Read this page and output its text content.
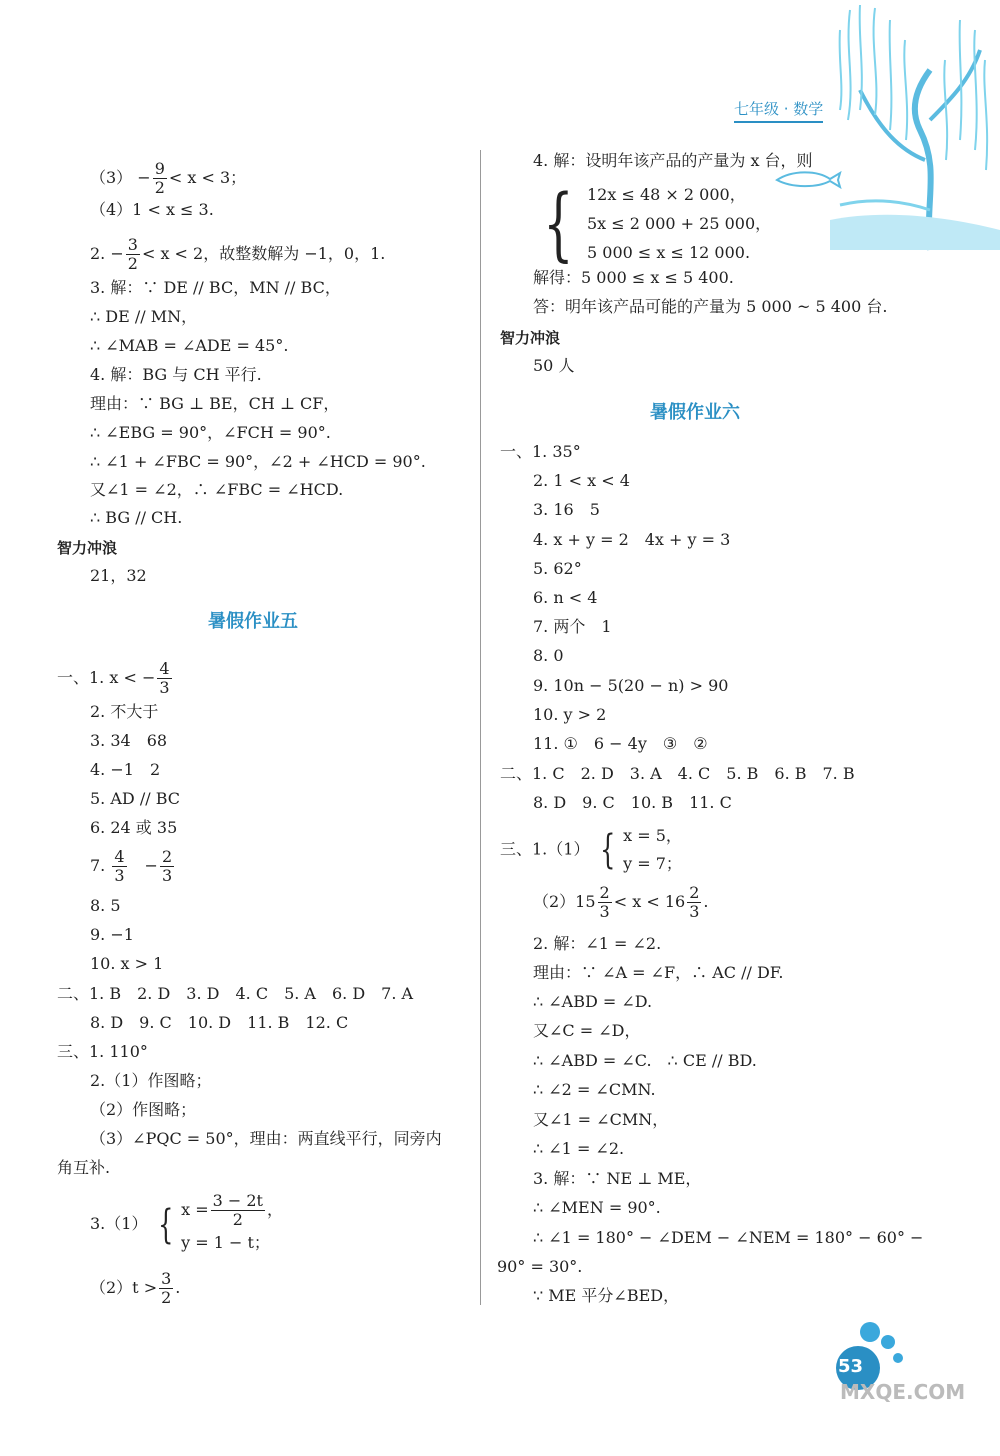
七年级 · 数学
$(3) - \frac{9}{2} < x < 3$；
（4）1 < x ≤ 3.
2. − $\frac{3}{2} < x < 2$，故整数解为 −1，0，1.
3. 解：∵ DE // BC，MN // BC，
∴ DE // MN，
∴ ∠MAB = ∠ADE = 45°.
4. 解：BG 与 CH 平行.
理由：∵ BG ⊥ BE，CH ⊥ CF，
∴ ∠EBG = 90°，∠FCH = 90°.
∴ ∠1 + ∠FBC = 90°，∠2 + ∠HCD = 90°.
又∠1 = ∠2，∴ ∠FBC = ∠HCD.
∴ BG // CH.
智力冲浪
21，32
暑假作业五
一、1. x < − $\frac{4}{3}$
2. 不大于
3. 34　68
4. −1　2
5. AD // BC
6. 24 或 35
7. $\frac{4}{3}$ 　− $\frac{2}{3}$
8. 5
9. −1
10. x > 1
二、1. B　2. D　3. D　4. C　5. A　6. D　7. A
8. D　9. C　10. D　11. B　12. C
三、1. 110°
2.（1）作图略；
（2）作图略；
（3）∠PQC = 50°，理由：两直线平行，同旁内
角互补.
3.（1） { $x = \frac{3 - 2t}{2}$ ，
y = 1 − t；
$(2)t > \frac{3}{2}$ .
4. 解：设明年该产品的产量为 x 台，则
{ 12x ≤ 48 × 2 000，
5x ≤ 2 000 + 25 000，
5 000 ≤ x ≤ 12 000.
解得：5 000 ≤ x ≤ 5 400.
答：明年该产品可能的产量为 5 000 ~ 5 400 台.
智力冲浪
50 人
暑假作业六
一、1. 35°
2. 1 < x < 4
3. 16　5
4. x + y = 2　4x + y = 3
5. 62°
6. n < 4
7. 两个　1
8. 0
9. 10n − 5(20 − n) > 90
10. y > 2
11. ①　6 − 4y　③　②
二、1. C　2. D　3. A　4. C　5. B　6. B　7. B
8. D　9. C　10. B　11. C
三、1.（1） { x = 5，
y = 7；
$(2)15 \frac{2}{3} < x < 16 \frac{2}{3}$ .
2. 解：∠1 = ∠2.
理由：∵ ∠A = ∠F，∴ AC // DF.
∴ ∠ABD = ∠D.
又∠C = ∠D，
∴ ∠ABD = ∠C.　∴ CE // BD.
∴ ∠2 = ∠CMN.
又∠1 = ∠CMN，
∴ ∠1 = ∠2.
3. 解：∵ NE ⊥ ME，
∴ ∠MEN = 90°.
∴ ∠1 = 180° − ∠DEM − ∠NEM = 180° − 60° −
90° = 30°.
∵ ME 平分∠BED，
53
MXQE.COM
